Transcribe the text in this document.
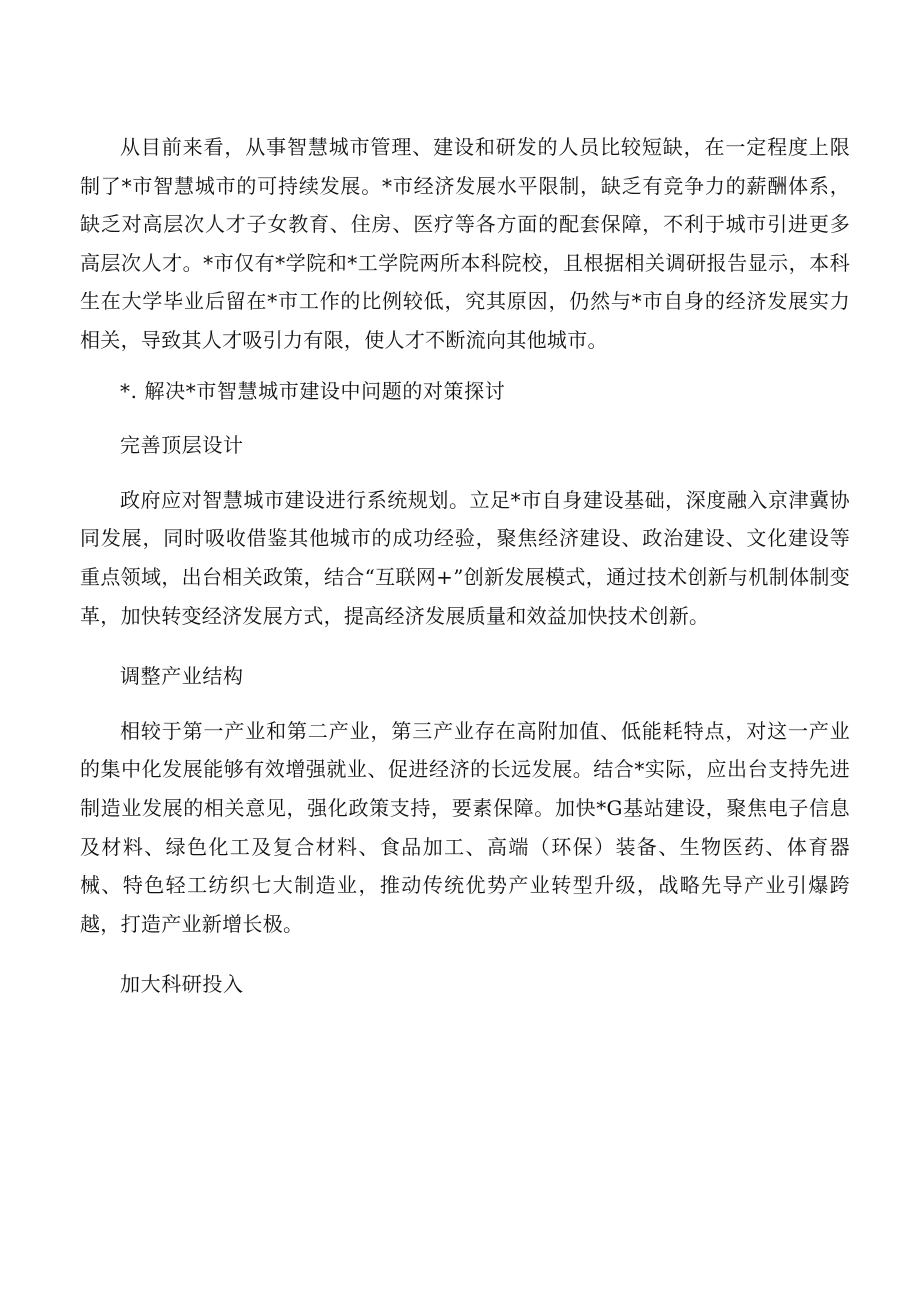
从目前来看，从事智慧城市管理、建设和研发的人员比较短缺，在一定程度上限制了*市智慧城市的可持续发展。*市经济发展水平限制，缺乏有竞争力的薪酬体系，缺乏对高层次人才子女教育、住房、医疗等各方面的配套保障，不利于城市引进更多高层次人才。*市仅有*学院和*工学院两所本科院校，且根据相关调研报告显示，本科生在大学毕业后留在*市工作的比例较低，究其原因，仍然与*市自身的经济发展实力相关，导致其人才吸引力有限，使人才不断流向其他城市。

*. 解决*市智慧城市建设中问题的对策探讨

完善顶层设计

政府应对智慧城市建设进行系统规划。立足*市自身建设基础，深度融入京津冀协同发展，同时吸收借鉴其他城市的成功经验，聚焦经济建设、政治建设、文化建设等重点领域，出台相关政策，结合“互联网+”创新发展模式，通过技术创新与机制体制变革，加快转变经济发展方式，提高经济发展质量和效益加快技术创新。

调整产业结构

相较于第一产业和第二产业，第三产业存在高附加值、低能耗特点，对这一产业的集中化发展能够有效增强就业、促进经济的长远发展。结合*实际，应出台支持先进制造业发展的相关意见，强化政策支持，要素保障。加快*G基站建设，聚焦电子信息及材料、绿色化工及复合材料、食品加工、高端（环保）装备、生物医药、体育器械、特色轻工纺织七大制造业，推动传统优势产业转型升级，战略先导产业引爆跨越，打造产业新增长极。

加大科研投入
